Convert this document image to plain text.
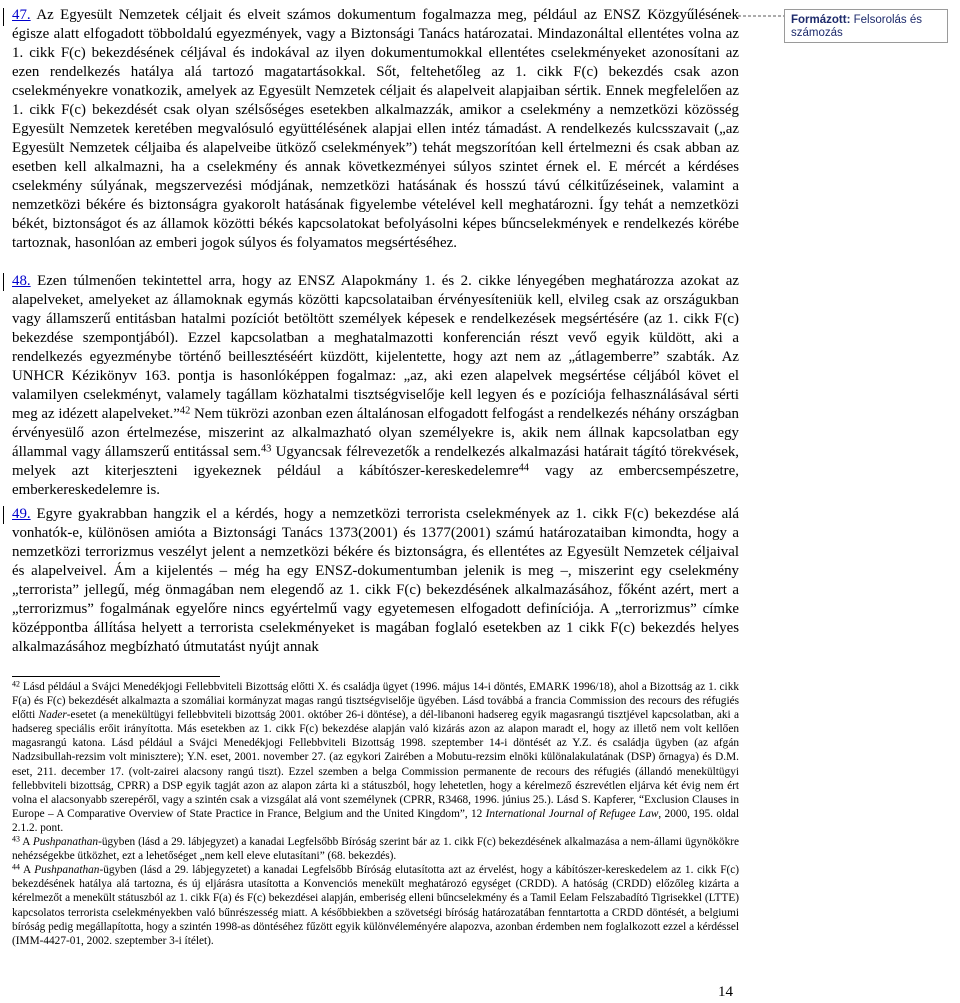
47. Az Egyesült Nemzetek céljait és elveit számos dokumentum fogalmazza meg, például az ENSZ Közgyűlésének égisze alatt elfogadott többoldalú egyezmények, vagy a Biztonsági Tanács határozatai. Mindazonáltal ellentétes volna az 1. cikk F(c) bekezdésének céljával és indokával az ilyen dokumentumokkal ellentétes cselekményeket azonosítani az ezen rendelkezés hatálya alá tartozó magatartásokkal. Sőt, feltehetőleg az 1. cikk F(c) bekezdés csak azon cselekményekre vonatkozik, amelyek az Egyesült Nemzetek céljait és alapelveit alapjaiban sértik. Ennek megfelelően az 1. cikk F(c) bekezdését csak olyan szélsőséges esetekben alkalmazzák, amikor a cselekmény a nemzetközi közösség Egyesült Nemzetek keretében megvalósuló együttélésének alapjai ellen intéz támadást. A rendelkezés kulcsszavait („az Egyesült Nemzetek céljaiba és alapelveibe ütköző cselekmények”) tehát megszorítóan kell értelmezni és csak abban az esetben kell alkalmazni, ha a cselekmény és annak következményei súlyos szintet érnek el. E mércét a kérdéses cselekmény súlyának, megszervezési módjának, nemzetközi hatásának és hosszú távú célkitűzéseinek, valamint a nemzetközi békére és biztonságra gyakorolt hatásának figyelembe vételével kell meghatározni. Így tehát a nemzetközi békét, biztonságot és az államok közötti békés kapcsolatokat befolyásolni képes bűncselekmények e rendelkezés körébe tartoznak, hasonlóan az emberi jogok súlyos és folyamatos megsértéséhez.

48. Ezen túlmenően tekintettel arra, hogy az ENSZ Alapokmány 1. és 2. cikke lényegében meghatározza azokat az alapelveket, amelyeket az államoknak egymás közötti kapcsolataiban érvényesíteniük kell, elvileg csak az országukban vagy államszerű entitásban hatalmi pozíciót betöltött személyek képesek e rendelkezések megsértésére (az 1. cikk F(c) bekezdése szempontjából). Ezzel kapcsolatban a meghatalmazotti konferencián részt vevő egyik küldött, aki a rendelkezés egyezménybe történő beillesztéséért küzdött, kijelentette, hogy azt nem az „átlagemberre” szabták. Az UNHCR Kézikönyv 163. pontja is hasonlóképpen fogalmaz: „az, aki ezen alapelvek megsértése céljából követ el valamilyen cselekményt, valamely tagállam közhatalmi tisztségviselője kell legyen és e pozíciója felhasználásával sérti meg az idézett alapelveket.”$^{42}$ Nem tükrözi azonban ezen általánosan elfogadott felfogást a rendelkezés néhány országban érvényesülő azon értelmezése, miszerint az alkalmazható olyan személyekre is, akik nem állnak kapcsolatban egy állammal vagy államszerű entitással sem.$^{43}$ Ugyancsak félrevezetők a rendelkezés alkalmazási határait tágító törekvések, melyek azt kiterjeszteni igyekeznek például a kábítószer-kereskedelemre$^{44}$ vagy az embercsempészetre, emberkereskedelemre is.

49. Egyre gyakrabban hangzik el a kérdés, hogy a nemzetközi terrorista cselekmények az 1. cikk F(c) bekezdése alá vonhatók-e, különösen amióta a Biztonsági Tanács 1373(2001) és 1377(2001) számú határozataiban kimondta, hogy a nemzetközi terrorizmus veszélyt jelent a nemzetközi békére és biztonságra, és ellentétes az Egyesült Nemzetek céljaival és alapelveivel. Ám a kijelentés – még ha egy ENSZ-dokumentumban jelenik is meg –, miszerint egy cselekmény „terrorista” jellegű, még önmagában nem elegendő az 1. cikk F(c) bekezdésének alkalmazásához, főként azért, mert a „terrorizmus” fogalmának egyelőre nincs egyértelmű vagy egyetemesen elfogadott definíciója. A „terrorizmus” címke középpontba állítása helyett a terrorista cselekményeket is magában foglaló esetekben az 1 cikk F(c) bekezdés helyes alkalmazásához megbízható útmutatást nyújt annak

$^{42}$ Lásd például a Svájci Menedékjogi Fellebbviteli Bizottság előtti X. és családja ügyet (1996. május 14-i döntés, EMARK 1996/18), ahol a Bizottság az 1. cikk F(a) és F(c) bekezdését alkalmazta a szomáliai kormányzat magas rangú tisztségviselője ügyében. Lásd továbbá a francia Commission des recours des réfugiés előtti Nader-esetet (a menekültügyi fellebbviteli bizottság 2001. október 26-i döntése), a dél-libanoni hadsereg egyik magasrangú tisztjével kapcsolatban, aki a hadsereg speciális erőit irányította. Más esetekben az 1. cikk F(c) bekezdése alapján való kizárás azon az alapon maradt el, hogy az illető nem volt kellően magasrangú katona. Lásd például a Svájci Menedékjogi Fellebbviteli Bizottság 1998. szeptember 14-i döntését az Y.Z. és családja ügyben (az afgán Nadzsibullah-rezsim volt minisztere); Y.N. eset, 2001. november 27. (az egykori Zairében a Mobutu-rezsim elnöki különalakulatának (DSP) őrnagya) és D.M. eset, 211. december 17. (volt-zairei alacsony rangú tiszt). Ezzel szemben a belga Commission permanente de recours des réfugiés (állandó menekültügyi fellebbviteli bizottság, CPRR) a DSP egyik tagját azon az alapon zárta ki a státuszból, hogy lehetetlen, hogy a kérelmező észrevétlen eljárva két évig nem ért volna el alacsonyabb szerepéről, vagy a szintén csak a vizsgálat alá vont személynek (CPRR, R3468, 1996. június 25.). Lásd S. Kapferer, “Exclusion Clauses in Europe – A Comparative Overview of State Practice in France, Belgium and the United Kingdom”, 12 International Journal of Refugee Law, 2000, 195. oldal 2.1.2. pont.

$^{43}$ A Pushpanathan-ügyben (lásd a 29. lábjegyzet) a kanadai Legfelsőbb Bíróság szerint bár az 1. cikk F(c) bekezdésének alkalmazása a nem-állami ügynökökre nehézségekbe ütközhet, ezt a lehetőséget „nem kell eleve elutasítani” (68. bekezdés).

$^{44}$ A Pushpanathan-ügyben (lásd a 29. lábjegyzetet) a kanadai Legfelsőbb Bíróság elutasította azt az érvelést, hogy a kábítószer-kereskedelem az 1. cikk F(c) bekezdésének hatálya alá tartozna, és új eljárásra utasította a Konvenciós menekült meghatározó egységet (CRDD). A hatóság (CRDD) előzőleg kizárta a kérelmezőt a menekült státuszból az 1. cikk F(a) és F(c) bekezdései alapján, emberiség elleni bűncselekmény és a Tamil Eelam Felszabadító Tigrisekkel (LTTE) kapcsolatos terrorista cselekményekben való bűnrészesség miatt. A későbbiekben a szövetségi bíróság határozatában fenntartotta a CRDD döntését, a belgiumi bíróság pedig megállapította, hogy a szintén 1998-as döntéséhez fűzött egyik különvéleményére alapozva, azonban érdemben nem foglalkozott ezzel a kérdéssel (IMM-4427-01, 2002. szeptember 3-i ítélet).

14
Formázott: Felsorolás és számozás
